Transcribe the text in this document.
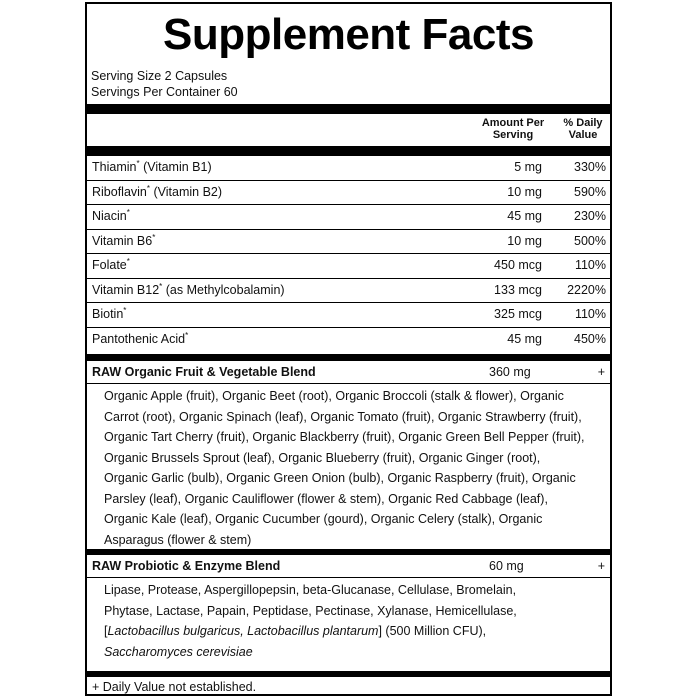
Supplement Facts
Serving Size 2 Capsules
Servings Per Container 60
Amount Per
Serving
% Daily
Value
Thiamin* (Vitamin B1)	5 mg	330%
Riboflavin* (Vitamin B2)	10 mg	590%
Niacin*	45 mg	230%
Vitamin B6*	10 mg	500%
Folate*	450 mcg	110%
Vitamin B12* (as Methylcobalamin)	133 mcg 2220%
Biotin*	325 mcg	110%
Pantothenic Acid*	45 mg	450%
RAW Organic Fruit & Vegetable Blend	360 mg	+
Organic Apple (fruit), Organic Beet (root), Organic Broccoli (stalk & flower), Organic
Carrot (root), Organic Spinach (leaf), Organic Tomato (fruit), Organic Strawberry (fruit),
Organic Tart Cherry (fruit), Organic Blackberry (fruit), Organic Green Bell Pepper (fruit),
Organic Brussels Sprout (leaf), Organic Blueberry (fruit), Organic Ginger (root),
Organic Garlic (bulb), Organic Green Onion (bulb), Organic Raspberry (fruit), Organic
Parsley (leaf), Organic Cauliflower (flower & stem), Organic Red Cabbage (leaf),
Organic Kale (leaf), Organic Cucumber (gourd), Organic Celery (stalk), Organic
Asparagus (flower & stem)
RAW Probiotic & Enzyme Blend	60 mg	+
Lipase, Protease, Aspergillopepsin, beta-Glucanase, Cellulase, Bromelain,
Phytase, Lactase, Papain, Peptidase, Pectinase, Xylanase, Hemicellulase,
[Lactobacillus bulgaricus, Lactobacillus plantarum] (500 Million CFU),
Saccharomyces cerevisiae
+ Daily Value not established.
